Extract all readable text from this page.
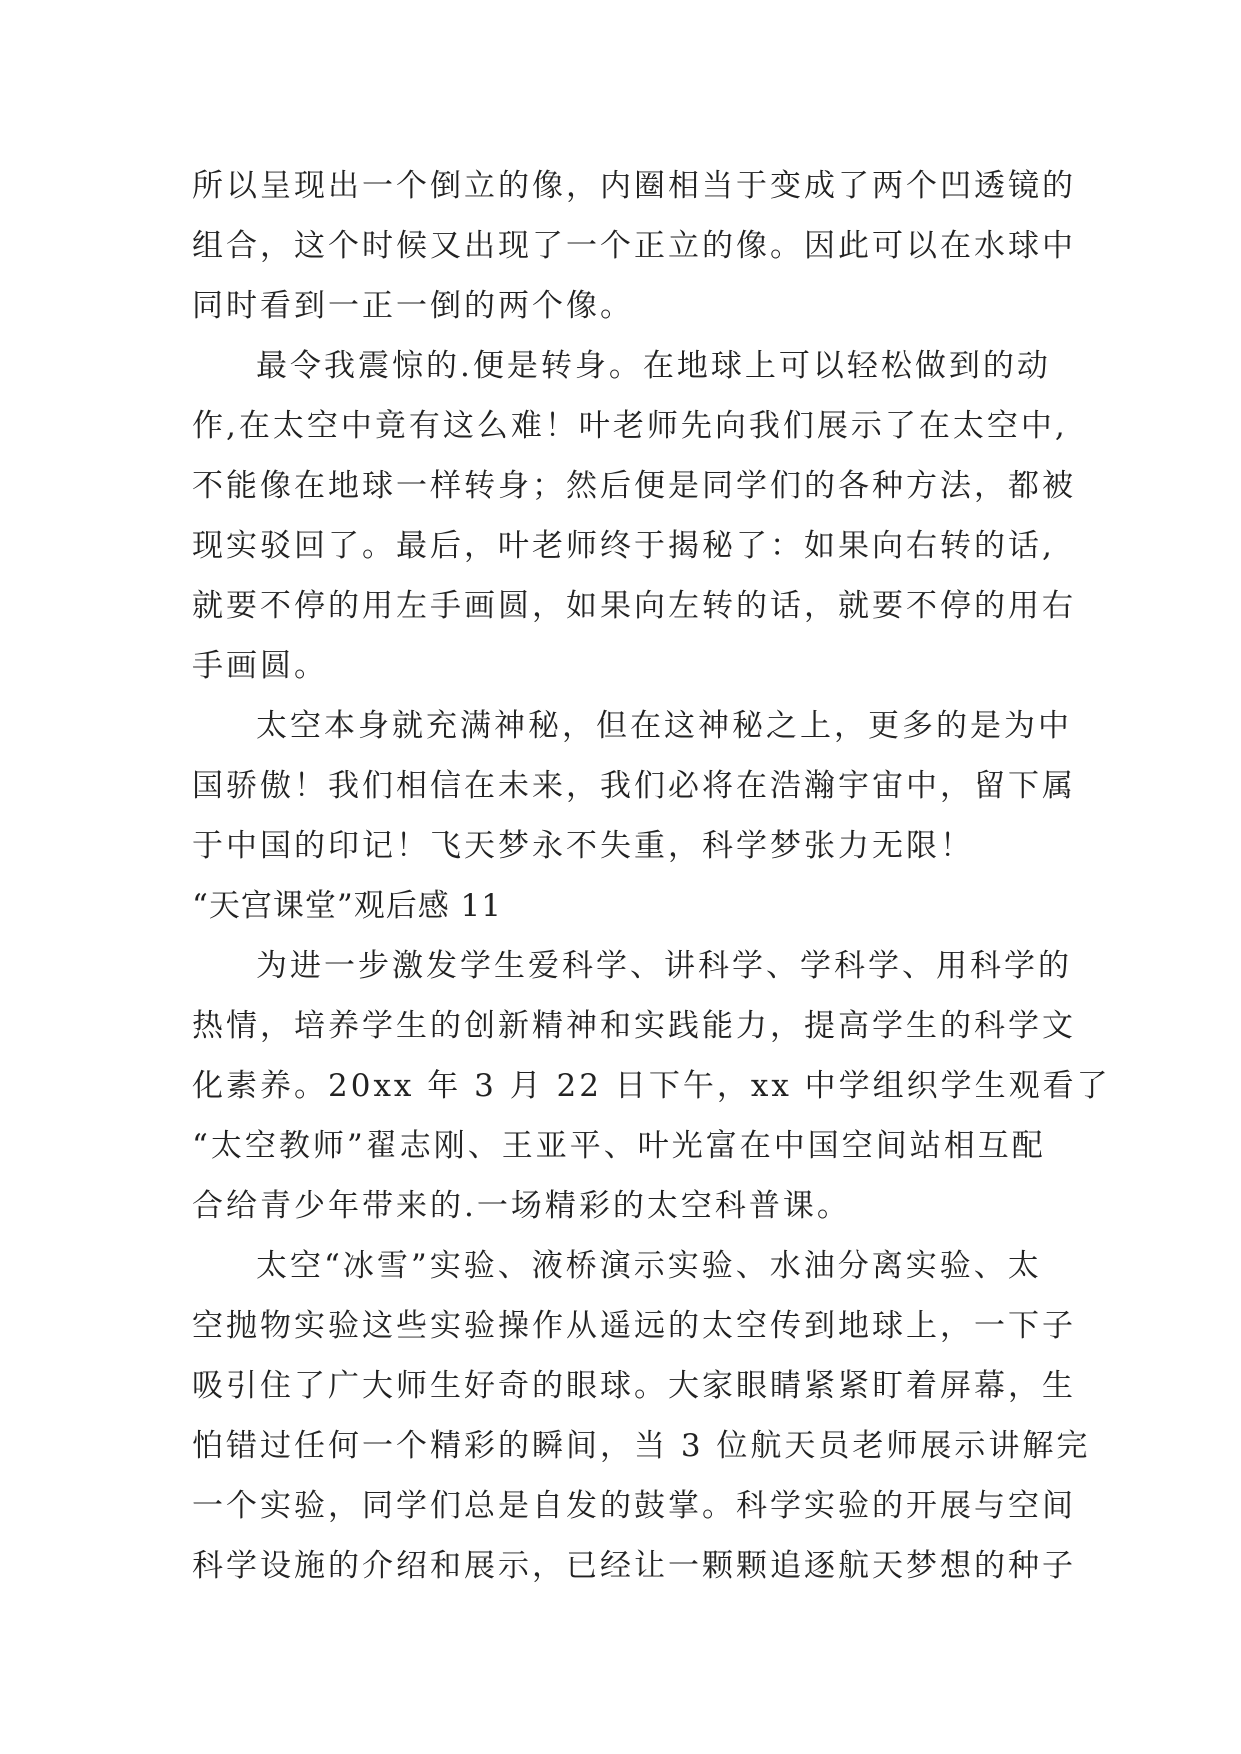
所以呈现出一个倒立的像，内圈相当于变成了两个凹透镜的
组合，这个时候又出现了一个正立的像。因此可以在水球中
同时看到一正一倒的两个像。
最令我震惊的.便是转身。在地球上可以轻松做到的动
作,在太空中竟有这么难！叶老师先向我们展示了在太空中,
不能像在地球一样转身；然后便是同学们的各种方法，都被
现实驳回了。最后，叶老师终于揭秘了：如果向右转的话,
就要不停的用左手画圆，如果向左转的话，就要不停的用右
手画圆。
太空本身就充满神秘，但在这神秘之上，更多的是为中
国骄傲！我们相信在未来，我们必将在浩瀚宇宙中，留下属
于中国的印记！飞天梦永不失重，科学梦张力无限！
“天宫课堂”观后感 11
为进一步激发学生爱科学、讲科学、学科学、用科学的
热情，培养学生的创新精神和实践能力，提高学生的科学文
化素养。20xx 年 3 月 22 日下午，xx 中学组织学生观看了
“太空教师”翟志刚、王亚平、叶光富在中国空间站相互配
合给青少年带来的.一场精彩的太空科普课。
太空“冰雪”实验、液桥演示实验、水油分离实验、太
空抛物实验这些实验操作从遥远的太空传到地球上，一下子
吸引住了广大师生好奇的眼球。大家眼睛紧紧盯着屏幕，生
怕错过任何一个精彩的瞬间，当 3 位航天员老师展示讲解完
一个实验，同学们总是自发的鼓掌。科学实验的开展与空间
科学设施的介绍和展示，已经让一颗颗追逐航天梦想的种子
